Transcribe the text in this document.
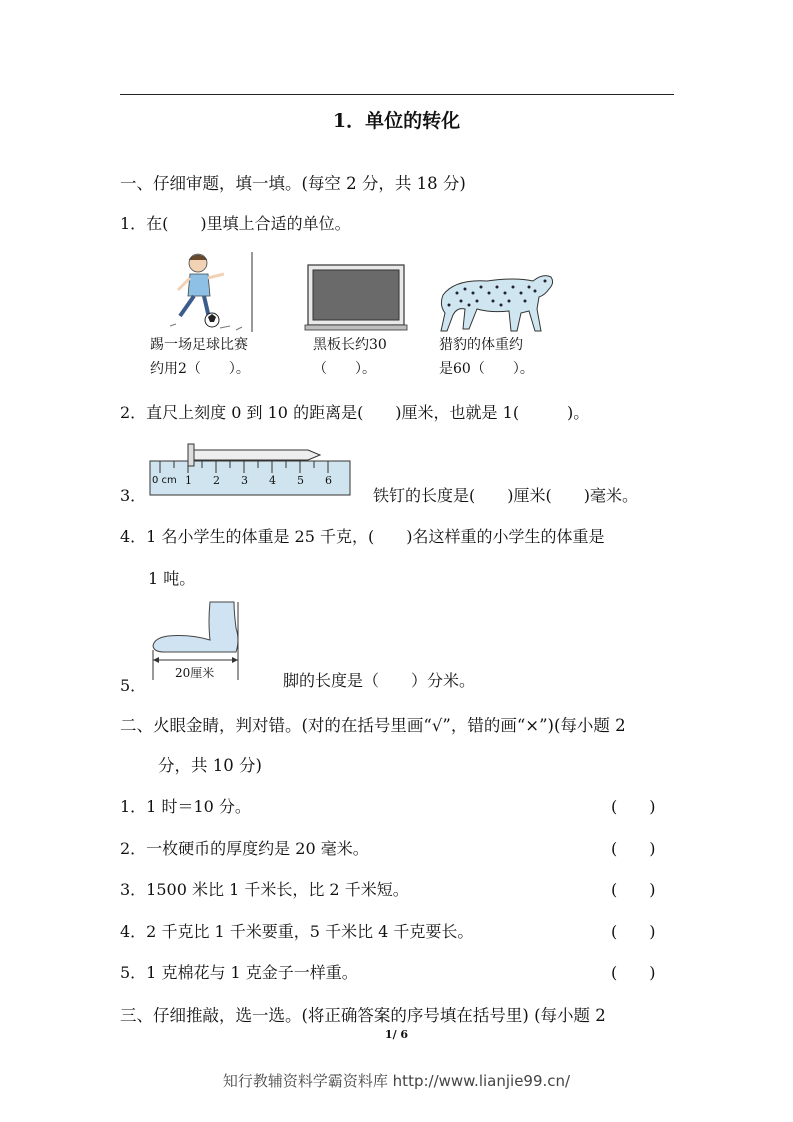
1．单位的转化
一、仔细审题，填一填。(每空 2 分，共 18 分)
1．在(　　)里填上合适的单位。
踢一场足球比赛
约用2（　　）。
黑板长约30
（　　）。
猎豹的体重约
是60（　　）。
2．直尺上刻度 0 到 10 的距离是(　　)厘米，也就是 1(　　　)。
3．
0 cm 1 2 3 4 5 6
铁钉的长度是(　　)厘米(　　)毫米。
4．1 名小学生的体重是 25 千克，(　　)名这样重的小学生的体重是
1 吨。
5．
20厘米	脚的长度是（　　）分米。
二、火眼金睛，判对错。(对的在括号里画“√”，错的画“×”)(每小题 2
分，共 10 分)
1．1 时＝10 分。	(　　)
2．一枚硬币的厚度约是 20 毫米。	(　　)
3．1500 米比 1 千米长，比 2 千米短。	(　　)
4．2 千克比 1 千米要重，5 千米比 4 千克要长。	(　　)
5．1 克棉花与 1 克金子一样重。	(　　)
三、仔细推敲，选一选。(将正确答案的序号填在括号里) (每小题 2
1/ 6
知行教辅资料学霸资料库 http://www.lianjie99.cn/
